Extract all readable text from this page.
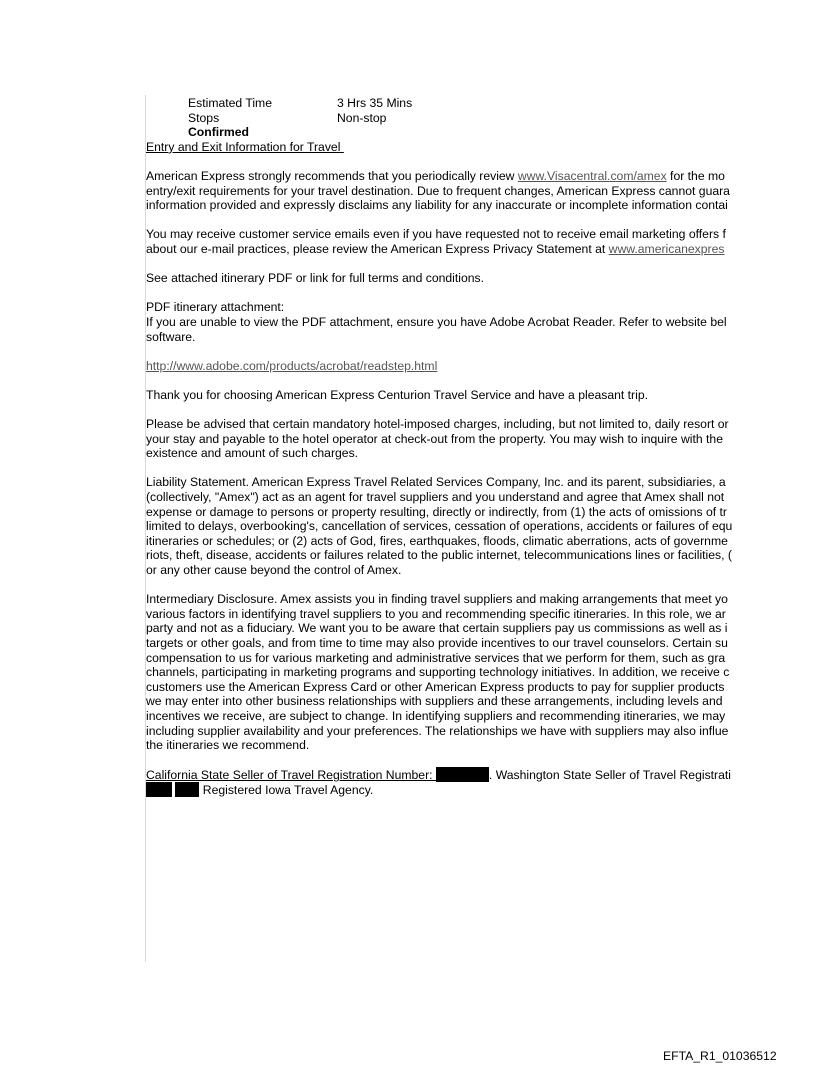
Estimated Time	3 Hrs 35 Mins
Stops	Non-stop
Confirmed
Entry and Exit Information for Travel
American Express strongly recommends that you periodically review www.Visacentral.com/amex for the mo
entry/exit requirements for your travel destination. Due to frequent changes, American Express cannot guara
information provided and expressly disclaims any liability for any inaccurate or incomplete information contai
You may receive customer service emails even if you have requested not to receive email marketing offers f
about our e-mail practices, please review the American Express Privacy Statement at www.americanexpres
See attached itinerary PDF or link for full terms and conditions.
PDF itinerary attachment:
If you are unable to view the PDF attachment, ensure you have Adobe Acrobat Reader. Refer to website bel
software.
http://www.adobe.com/products/acrobat/readstep.html
Thank you for choosing American Express Centurion Travel Service and have a pleasant trip.
Please be advised that certain mandatory hotel-imposed charges, including, but not limited to, daily resort or
your stay and payable to the hotel operator at check-out from the property. You may wish to inquire with the
existence and amount of such charges.
Liability Statement. American Express Travel Related Services Company, Inc. and its parent, subsidiaries, a
(collectively, "Amex") act as an agent for travel suppliers and you understand and agree that Amex shall not
expense or damage to persons or property resulting, directly or indirectly, from (1) the acts of omissions of tr
limited to delays, overbooking's, cancellation of services, cessation of operations, accidents or failures of equ
itineraries or schedules; or (2) acts of God, fires, earthquakes, floods, climatic aberrations, acts of governme
riots, theft, disease, accidents or failures related to the public internet, telecommunications lines or facilities, (
or any other cause beyond the control of Amex.
Intermediary Disclosure. Amex assists you in finding travel suppliers and making arrangements that meet yo
various factors in identifying travel suppliers to you and recommending specific itineraries. In this role, we ar
party and not as a fiduciary. We want you to be aware that certain suppliers pay us commissions as well as i
targets or other goals, and from time to time may also provide incentives to our travel counselors. Certain su
compensation to us for various marketing and administrative services that we perform for them, such as gra
channels, participating in marketing programs and supporting technology initiatives. In addition, we receive c
customers use the American Express Card or other American Express products to pay for supplier products
we may enter into other business relationships with suppliers and these arrangements, including levels and
incentives we receive, are subject to change. In identifying suppliers and recommending itineraries, we may
including supplier availability and your preferences. The relationships we have with suppliers may also influe
the itineraries we recommend.
California State Seller of Travel Registration Number:	. Washington State Seller of Travel Registrati
Registered Iowa Travel Agency.
EFTA_R1_01036512
